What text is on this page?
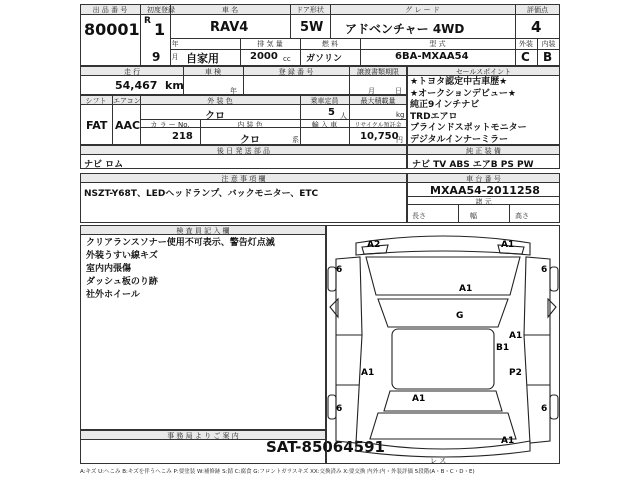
出 品 番 号
80001
初度登録
R 1
年
9 月
車 名
RAV4
ドア形状
5W
グ レ ー ド
アドベンチャー 4WD
評価点
4
自家用
排 気 量
2000 cc
燃 料
ガソリン
型 式
6BA-MXAA54
外装	内装
C B
走 行
54,467 km
車 検
年
登 録 番 号	譲渡書類期限
月	日
シフト
FAT
エアコン
AAC
外 装 色
クロ
乗車定員
5 人
最大積載量
kg
カ ラ ー No.
218
内 装 色
クロ	系
輸 入 車	リサイクル預託金
10,750
円
後 日 発 送 部 品
ナビ ロム
セールスポイント
★トヨタ認定中古車歴★
★オークションデビュー★
純正9インチナビ
TRDエアロ
ブラインドスポットモニター
デジタルインナーミラー
純 正 装 備
ナビ TV ABS エアB PS PW
注 意 事 項 欄
NSZT-Y68T、LEDヘッドランプ、バックモニター、ETC
車 台 番 号
MXAA54-2011258
諸 元
長さ	幅	高さ
検 査 員 記 入 欄
クリアランスソナー使用不可表示、警告灯点滅
外装うすい線キズ
室内内張傷
ダッシュ板のり跡
社外ホイール
事 務 局 よ り ご 案 内
SAT-85064591
6	6
6	6
A2	A1
A1
G
A1
B1
A1	P2
A1
A1
レ ス
A:キズ U:へこみ B:キズを伴うへこみ P:要塗装 W:補修跡 S:錆 C:腐食 G:フロントガラスキズ XX:交換済み X:要交換 内外:内・外装評価 5段階(A・B・C・D・E)
